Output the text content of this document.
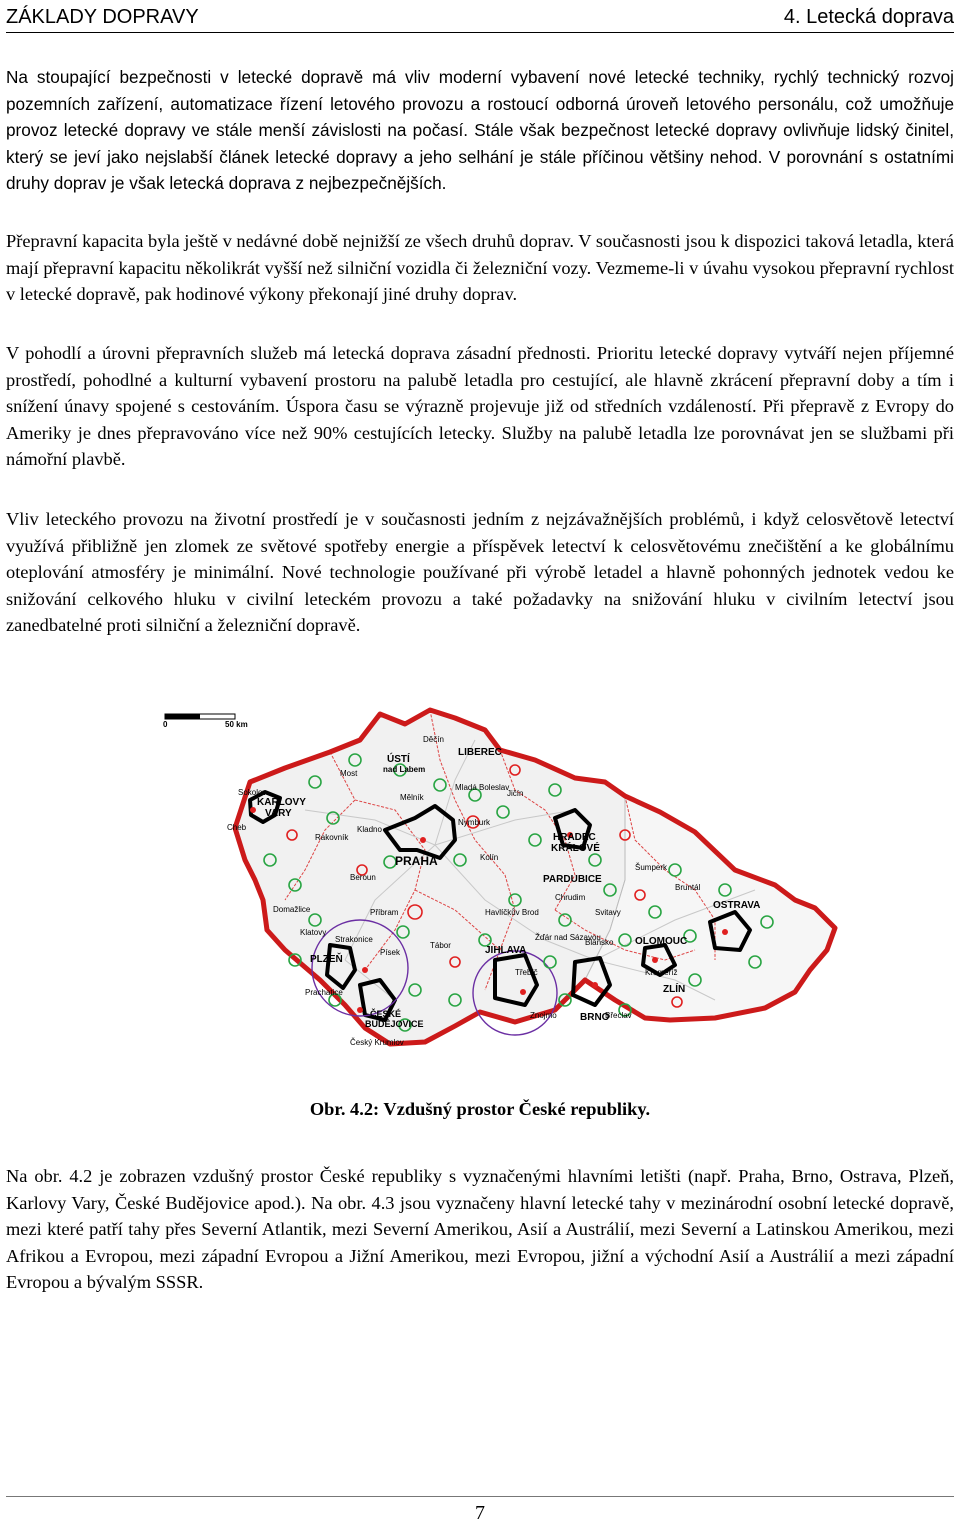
ZÁKLADY DOPRAVY	4. Letecká doprava

Na stoupající bezpečnosti v letecké dopravě má vliv moderní vybavení nové letecké techniky, rychlý technický rozvoj pozemních zařízení, automatizace řízení letového provozu a rostoucí odborná úroveň letového personálu, což umožňuje provoz letecké dopravy ve stále menší závislosti na počasí. Stále však bezpečnost letecké dopravy ovlivňuje lidský činitel, který se jeví jako nejslabší článek letecké dopravy a jeho selhání je stále příčinou většiny nehod. V porovnání s ostatními druhy doprav je však letecká doprava z nejbezpečnějších.

Přepravní kapacita byla ještě v nedávné době nejnižší ze všech druhů doprav. V současnosti jsou k dispozici taková letadla, která mají přepravní kapacitu několikrát vyšší než silniční vozidla či železniční vozy. Vezmeme-li v úvahu vysokou přepravní rychlost v letecké dopravě, pak hodinové výkony překonají jiné druhy doprav.

V pohodlí a úrovni přepravních služeb má letecká doprava zásadní přednosti. Prioritu letecké dopravy vytváří nejen příjemné prostředí, pohodlné a kulturní vybavení prostoru na palubě letadla pro cestující, ale hlavně zkrácení přepravní doby a tím i snížení únavy spojené s cestováním. Úspora času se výrazně projevuje již od středních vzdáleností. Při přepravě z Evropy do Ameriky je dnes přepravováno více než 90% cestujících letecky. Služby na palubě letadla lze porovnávat jen se službami při námořní plavbě.

Vliv leteckého provozu na životní prostředí je v současnosti jedním z nejzávažnějších problémů, i když celosvětově letectví využívá přibližně jen zlomek ze světové spotřeby energie a příspěvek letectví k celosvětovému znečištění a ke globálnímu oteplování atmosféry je minimální. Nové technologie používané při výrobě letadel a hlavně pohonných jednotek vedou ke snižování celkového hluku v civilní leteckém provozu a také požadavky na snižování hluku v civilním letectví jsou zanedbatelné proti silniční a železniční dopravě.

0	50 km
ÚSTÍ
nad Labem
LIBEREC
KARLOVY
VARY
PRAHA
HRADEC
KRÁLOVÉ
PARDUBICE
PLZEŇ
JIHLAVA
BRNO
OLOMOUC
OSTRAVA
ZLÍN
ČESKÉ
BUDĚJOVICE
Děčín
Most
Mělník
Mladá Boleslav
Jičín
Kladno
Nymburk
Kolín
Chrudim
Cheb
Sokolov
Rakovník
Beroun
Příbram
Tábor
Domažlice
Klatovy
Strakonice
Písek
Prachatice
Český Krumlov
Havlíčkův Brod
Žďár nad Sázavou
Svitavy
Blansko
Znojmo	Břeclav
Kroměříž
Bruntál
Třebíč
Šumperk
Obr. 4.2: Vzdušný prostor České republiky.

Na obr. 4.2 je zobrazen vzdušný prostor České republiky s vyznačenými hlavními letišti (např. Praha, Brno, Ostrava, Plzeň, Karlovy Vary, České Budějovice apod.). Na obr. 4.3 jsou vyznačeny hlavní letecké tahy v mezinárodní osobní letecké dopravě, mezi které patří tahy přes Severní Atlantik, mezi Severní Amerikou, Asií a Austrálií, mezi Severní a Latinskou Amerikou, mezi Afrikou a Evropou, mezi západní Evropou a Jižní Amerikou, mezi Evropou, jižní a východní Asií a Austrálií a mezi západní Evropou a bývalým SSSR.

7
